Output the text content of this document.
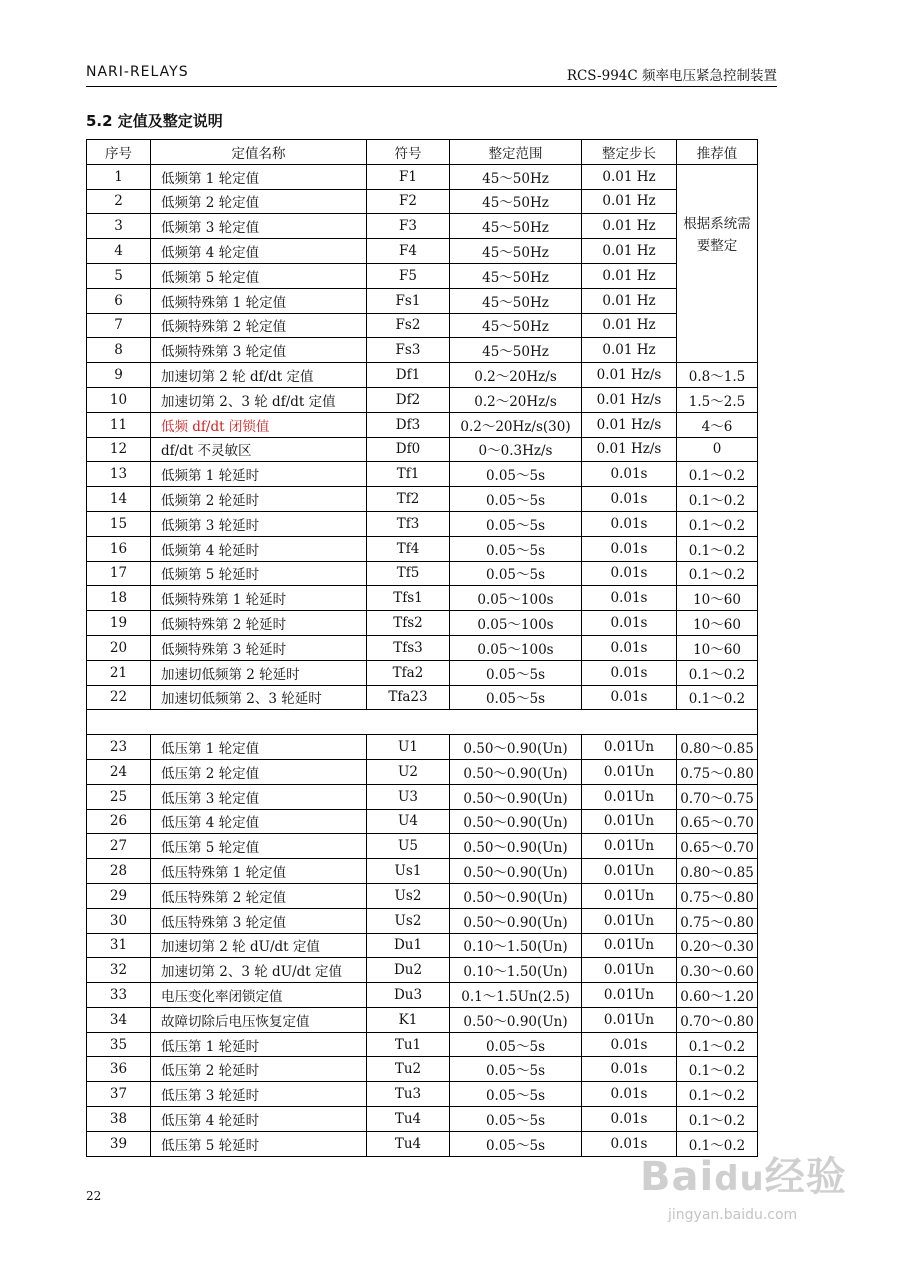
NARI-RELAYS	RCS-994C 频率电压紧急控制装置
5.2 定值及整定说明
序号	定值名称	符号	整定范围	整定步长	推荐值
1	低频第 1 轮定值	F1	45～50Hz	0.01 Hz	根据系统需要整定
2	低频第 2 轮定值	F2	45～50Hz	0.01 Hz	
3	低频第 3 轮定值	F3	45～50Hz	0.01 Hz	
4	低频第 4 轮定值	F4	45～50Hz	0.01 Hz	
5	低频第 5 轮定值	F5	45～50Hz	0.01 Hz	
6	低频特殊第 1 轮定值	Fs1	45～50Hz	0.01 Hz	
7	低频特殊第 2 轮定值	Fs2	45～50Hz	0.01 Hz	
8	低频特殊第 3 轮定值	Fs3	45～50Hz	0.01 Hz	
9	加速切第 2 轮 df/dt 定值	Df1	0.2～20Hz/s	0.01 Hz/s	0.8～1.5
10	加速切第 2、3 轮 df/dt 定值	Df2	0.2～20Hz/s	0.01 Hz/s	1.5～2.5
11	低频 df/dt 闭锁值	Df3	0.2～20Hz/s(30)	0.01 Hz/s	4～6
12	df/dt 不灵敏区	Df0	0～0.3Hz/s	0.01 Hz/s	0
13	低频第 1 轮延时	Tf1	0.05～5s	0.01s	0.1～0.2
14	低频第 2 轮延时	Tf2	0.05～5s	0.01s	0.1～0.2
15	低频第 3 轮延时	Tf3	0.05～5s	0.01s	0.1～0.2
16	低频第 4 轮延时	Tf4	0.05～5s	0.01s	0.1～0.2
17	低频第 5 轮延时	Tf5	0.05～5s	0.01s	0.1～0.2
18	低频特殊第 1 轮延时	Tfs1	0.05～100s	0.01s	10～60
19	低频特殊第 2 轮延时	Tfs2	0.05～100s	0.01s	10～60
20	低频特殊第 3 轮延时	Tfs3	0.05～100s	0.01s	10～60
21	加速切低频第 2 轮延时	Tfa2	0.05～5s	0.01s	0.1～0.2
22	加速切低频第 2、3 轮延时	Tfa23	0.05～5s	0.01s	0.1～0.2

23	低压第 1 轮定值	U1	0.50～0.90(Un)	0.01Un	0.80～0.85
24	低压第 2 轮定值	U2	0.50～0.90(Un)	0.01Un	0.75～0.80
25	低压第 3 轮定值	U3	0.50～0.90(Un)	0.01Un	0.70～0.75
26	低压第 4 轮定值	U4	0.50～0.90(Un)	0.01Un	0.65～0.70
27	低压第 5 轮定值	U5	0.50～0.90(Un)	0.01Un	0.65～0.70
28	低压特殊第 1 轮定值	Us1	0.50～0.90(Un)	0.01Un	0.80～0.85
29	低压特殊第 2 轮定值	Us2	0.50～0.90(Un)	0.01Un	0.75～0.80
30	低压特殊第 3 轮定值	Us2	0.50～0.90(Un)	0.01Un	0.75～0.80
31	加速切第 2 轮 dU/dt 定值	Du1	0.10～1.50(Un)	0.01Un	0.20～0.30
32	加速切第 2、3 轮 dU/dt 定值	Du2	0.10～1.50(Un)	0.01Un	0.30～0.60
33	电压变化率闭锁定值	Du3	0.1～1.5Un(2.5)	0.01Un	0.60～1.20
34	故障切除后电压恢复定值	K1	0.50～0.90(Un)	0.01Un	0.70～0.80
35	低压第 1 轮延时	Tu1	0.05～5s	0.01s	0.1～0.2
36	低压第 2 轮延时	Tu2	0.05～5s	0.01s	0.1～0.2
37	低压第 3 轮延时	Tu3	0.05～5s	0.01s	0.1～0.2
38	低压第 4 轮延时	Tu4	0.05～5s	0.01s	0.1～0.2
39	低压第 5 轮延时	Tu4	0.05～5s	0.01s	0.1～0.2
22	Baidu经验
jingyan.baidu.com
